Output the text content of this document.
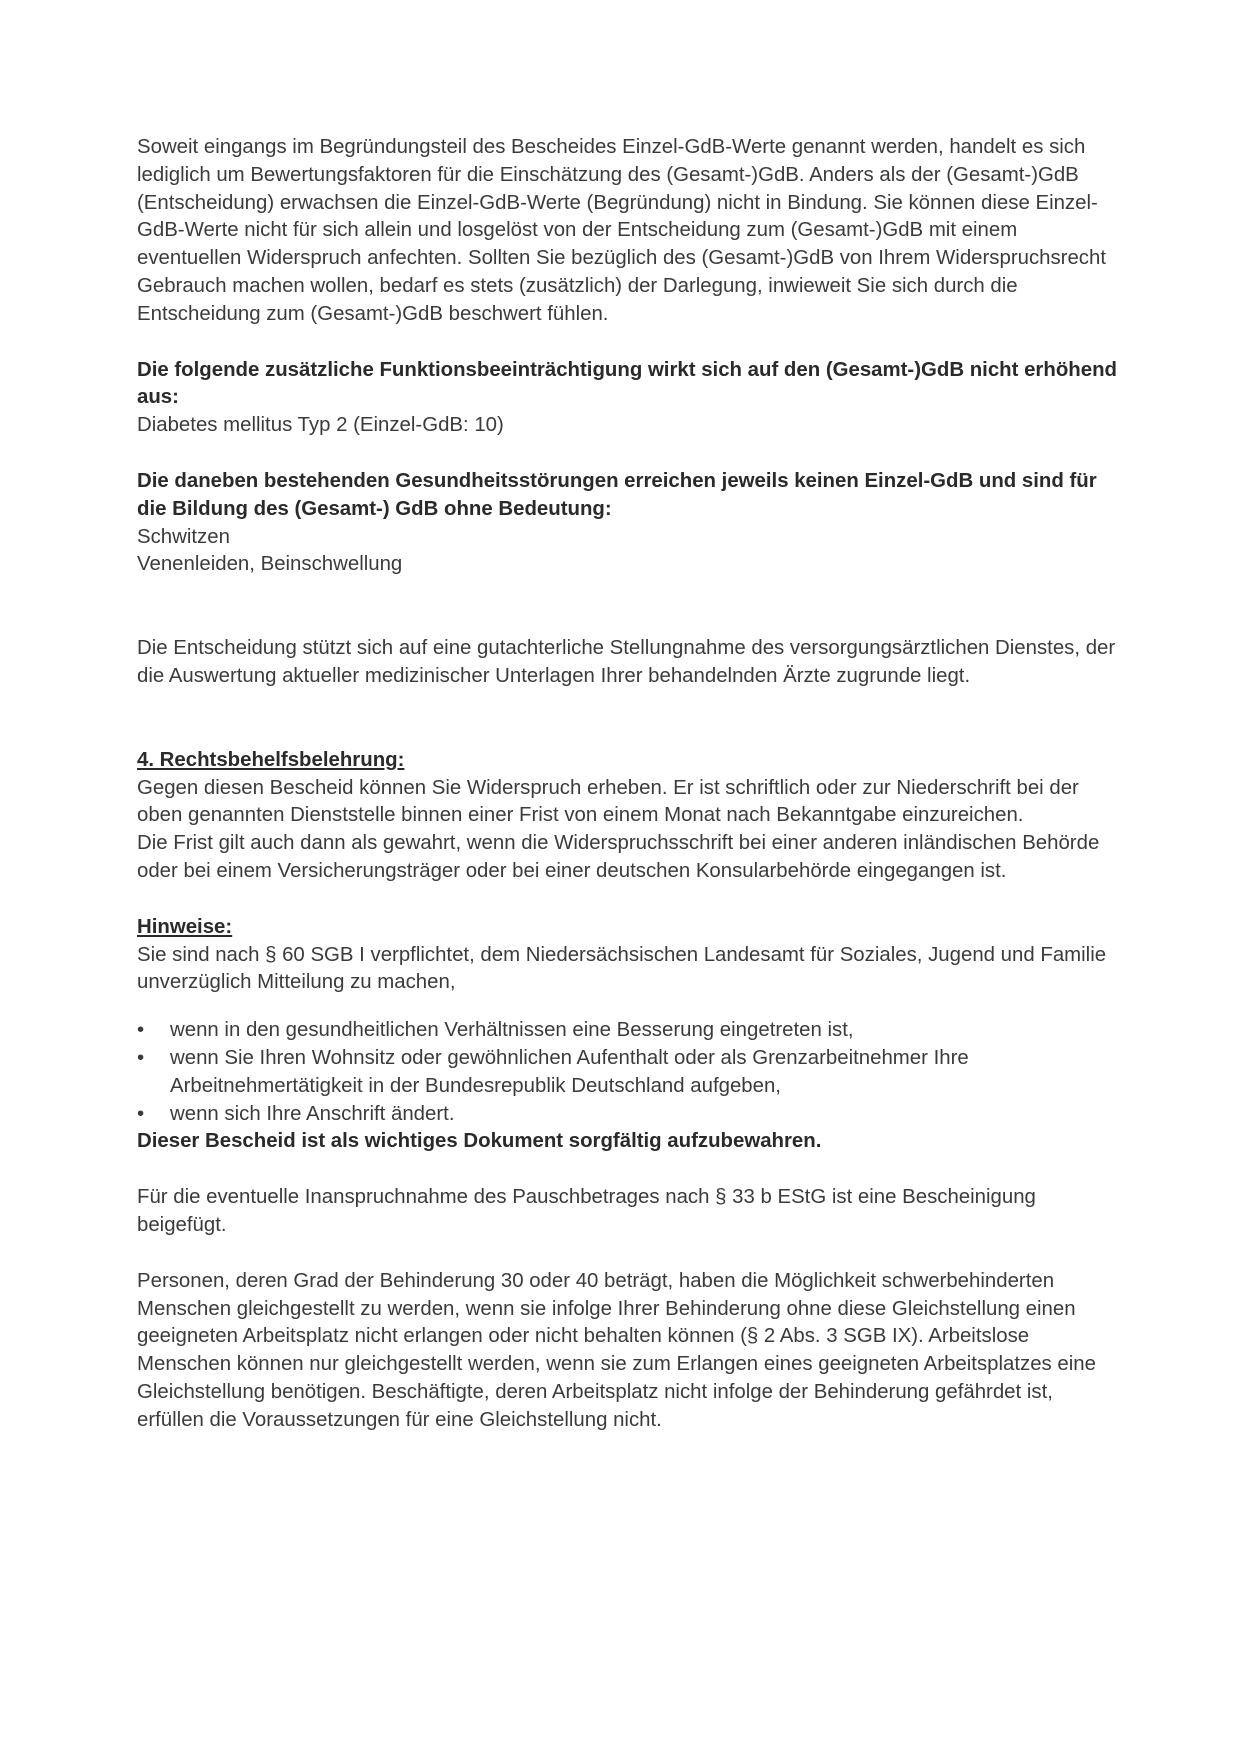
Soweit eingangs im Begründungsteil des Bescheides Einzel-GdB-Werte genannt werden, handelt es sich lediglich um Bewertungsfaktoren für die Einschätzung des (Gesamt-)GdB. Anders als der (Gesamt-)GdB (Entscheidung) erwachsen die Einzel-GdB-Werte (Begründung) nicht in Bindung. Sie können diese Einzel-GdB-Werte nicht für sich allein und losgelöst von der Entscheidung zum (Gesamt-)GdB mit einem eventuellen Widerspruch anfechten. Sollten Sie bezüglich des (Gesamt-)GdB von Ihrem Widerspruchsrecht Gebrauch machen wollen, bedarf es stets (zusätzlich) der Darlegung, inwieweit Sie sich durch die Entscheidung zum (Gesamt-)GdB beschwert fühlen.

Die folgende zusätzliche Funktionsbeeinträchtigung wirkt sich auf den (Gesamt-)GdB nicht erhöhend aus:

Diabetes mellitus Typ 2 (Einzel-GdB: 10)

Die daneben bestehenden Gesundheitsstörungen erreichen jeweils keinen Einzel-GdB und sind für die Bildung des (Gesamt-) GdB ohne Bedeutung:

Schwitzen

Venenleiden, Beinschwellung

Die Entscheidung stützt sich auf eine gutachterliche Stellungnahme des versorgungsärztlichen Dienstes, der die Auswertung aktueller medizinischer Unterlagen Ihrer behandelnden Ärzte zugrunde liegt.

4. Rechtsbehelfsbelehrung:

Gegen diesen Bescheid können Sie Widerspruch erheben. Er ist schriftlich oder zur Niederschrift bei der oben genannten Dienststelle binnen einer Frist von einem Monat nach Bekanntgabe einzureichen.

Die Frist gilt auch dann als gewahrt, wenn die Widerspruchsschrift bei einer anderen inländischen Behörde oder bei einem Versicherungsträger oder bei einer deutschen Konsularbehörde eingegangen ist.

Hinweise:

Sie sind nach § 60 SGB I verpflichtet, dem Niedersächsischen Landesamt für Soziales, Jugend und Familie unverzüglich Mitteilung zu machen,

• wenn in den gesundheitlichen Verhältnissen eine Besserung eingetreten ist,
• wenn Sie Ihren Wohnsitz oder gewöhnlichen Aufenthalt oder als Grenzarbeitnehmer Ihre Arbeitnehmertätigkeit in der Bundesrepublik Deutschland aufgeben,
• wenn sich Ihre Anschrift ändert.

Dieser Bescheid ist als wichtiges Dokument sorgfältig aufzubewahren.

Für die eventuelle Inanspruchnahme des Pauschbetrages nach § 33 b EStG ist eine Bescheinigung beigefügt.

Personen, deren Grad der Behinderung 30 oder 40 beträgt, haben die Möglichkeit schwerbehinderten Menschen gleichgestellt zu werden, wenn sie infolge Ihrer Behinderung ohne diese Gleichstellung einen geeigneten Arbeitsplatz nicht erlangen oder nicht behalten können (§ 2 Abs. 3 SGB IX). Arbeitslose Menschen können nur gleichgestellt werden, wenn sie zum Erlangen eines geeigneten Arbeitsplatzes eine Gleichstellung benötigen. Beschäftigte, deren Arbeitsplatz nicht infolge der Behinderung gefährdet ist, erfüllen die Voraussetzungen für eine Gleichstellung nicht.
